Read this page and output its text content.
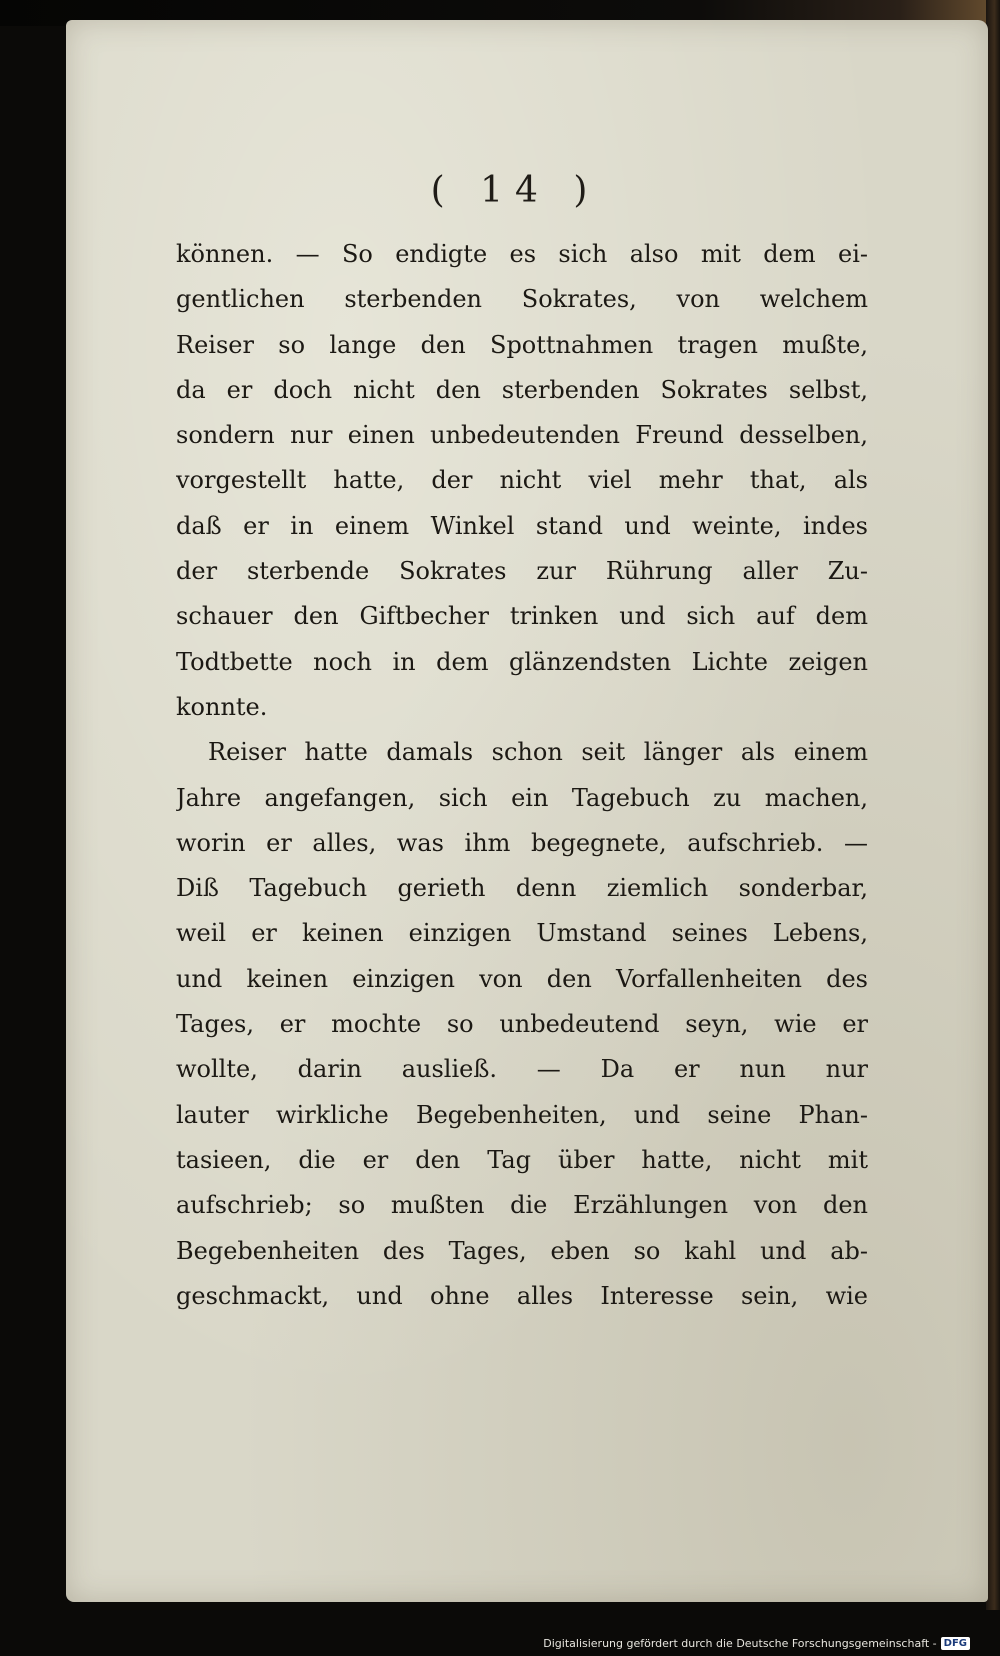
( 14 )
können. — So endigte es sich also mit dem ei-
gentlichen sterbenden Sokrates, von welchem
Reiser so lange den Spottnahmen tragen mußte,
da er doch nicht den sterbenden Sokrates selbst,
sondern nur einen unbedeutenden Freund desselben,
vorgestellt hatte, der nicht viel mehr that, als
daß er in einem Winkel stand und weinte, indes
der sterbende Sokrates zur Rührung aller Zu-
schauer den Giftbecher trinken und sich auf dem
Todtbette noch in dem glänzendsten Lichte zeigen
konnte.
Reiser hatte damals schon seit länger als einem
Jahre angefangen, sich ein Tagebuch zu machen,
worin er alles, was ihm begegnete, aufschrieb. —
Diß Tagebuch gerieth denn ziemlich sonderbar,
weil er keinen einzigen Umstand seines Lebens,
und keinen einzigen von den Vorfallenheiten des
Tages, er mochte so unbedeutend seyn, wie er
wollte, darin ausließ. — Da er nun nur
lauter wirkliche Begebenheiten, und seine Phan-
tasieen, die er den Tag über hatte, nicht mit
aufschrieb; so mußten die Erzählungen von den
Begebenheiten des Tages, eben so kahl und ab-
geschmackt, und ohne alles Interesse sein, wie
Digitalisierung gefördert durch die Deutsche Forschungsgemeinschaft - DFG
